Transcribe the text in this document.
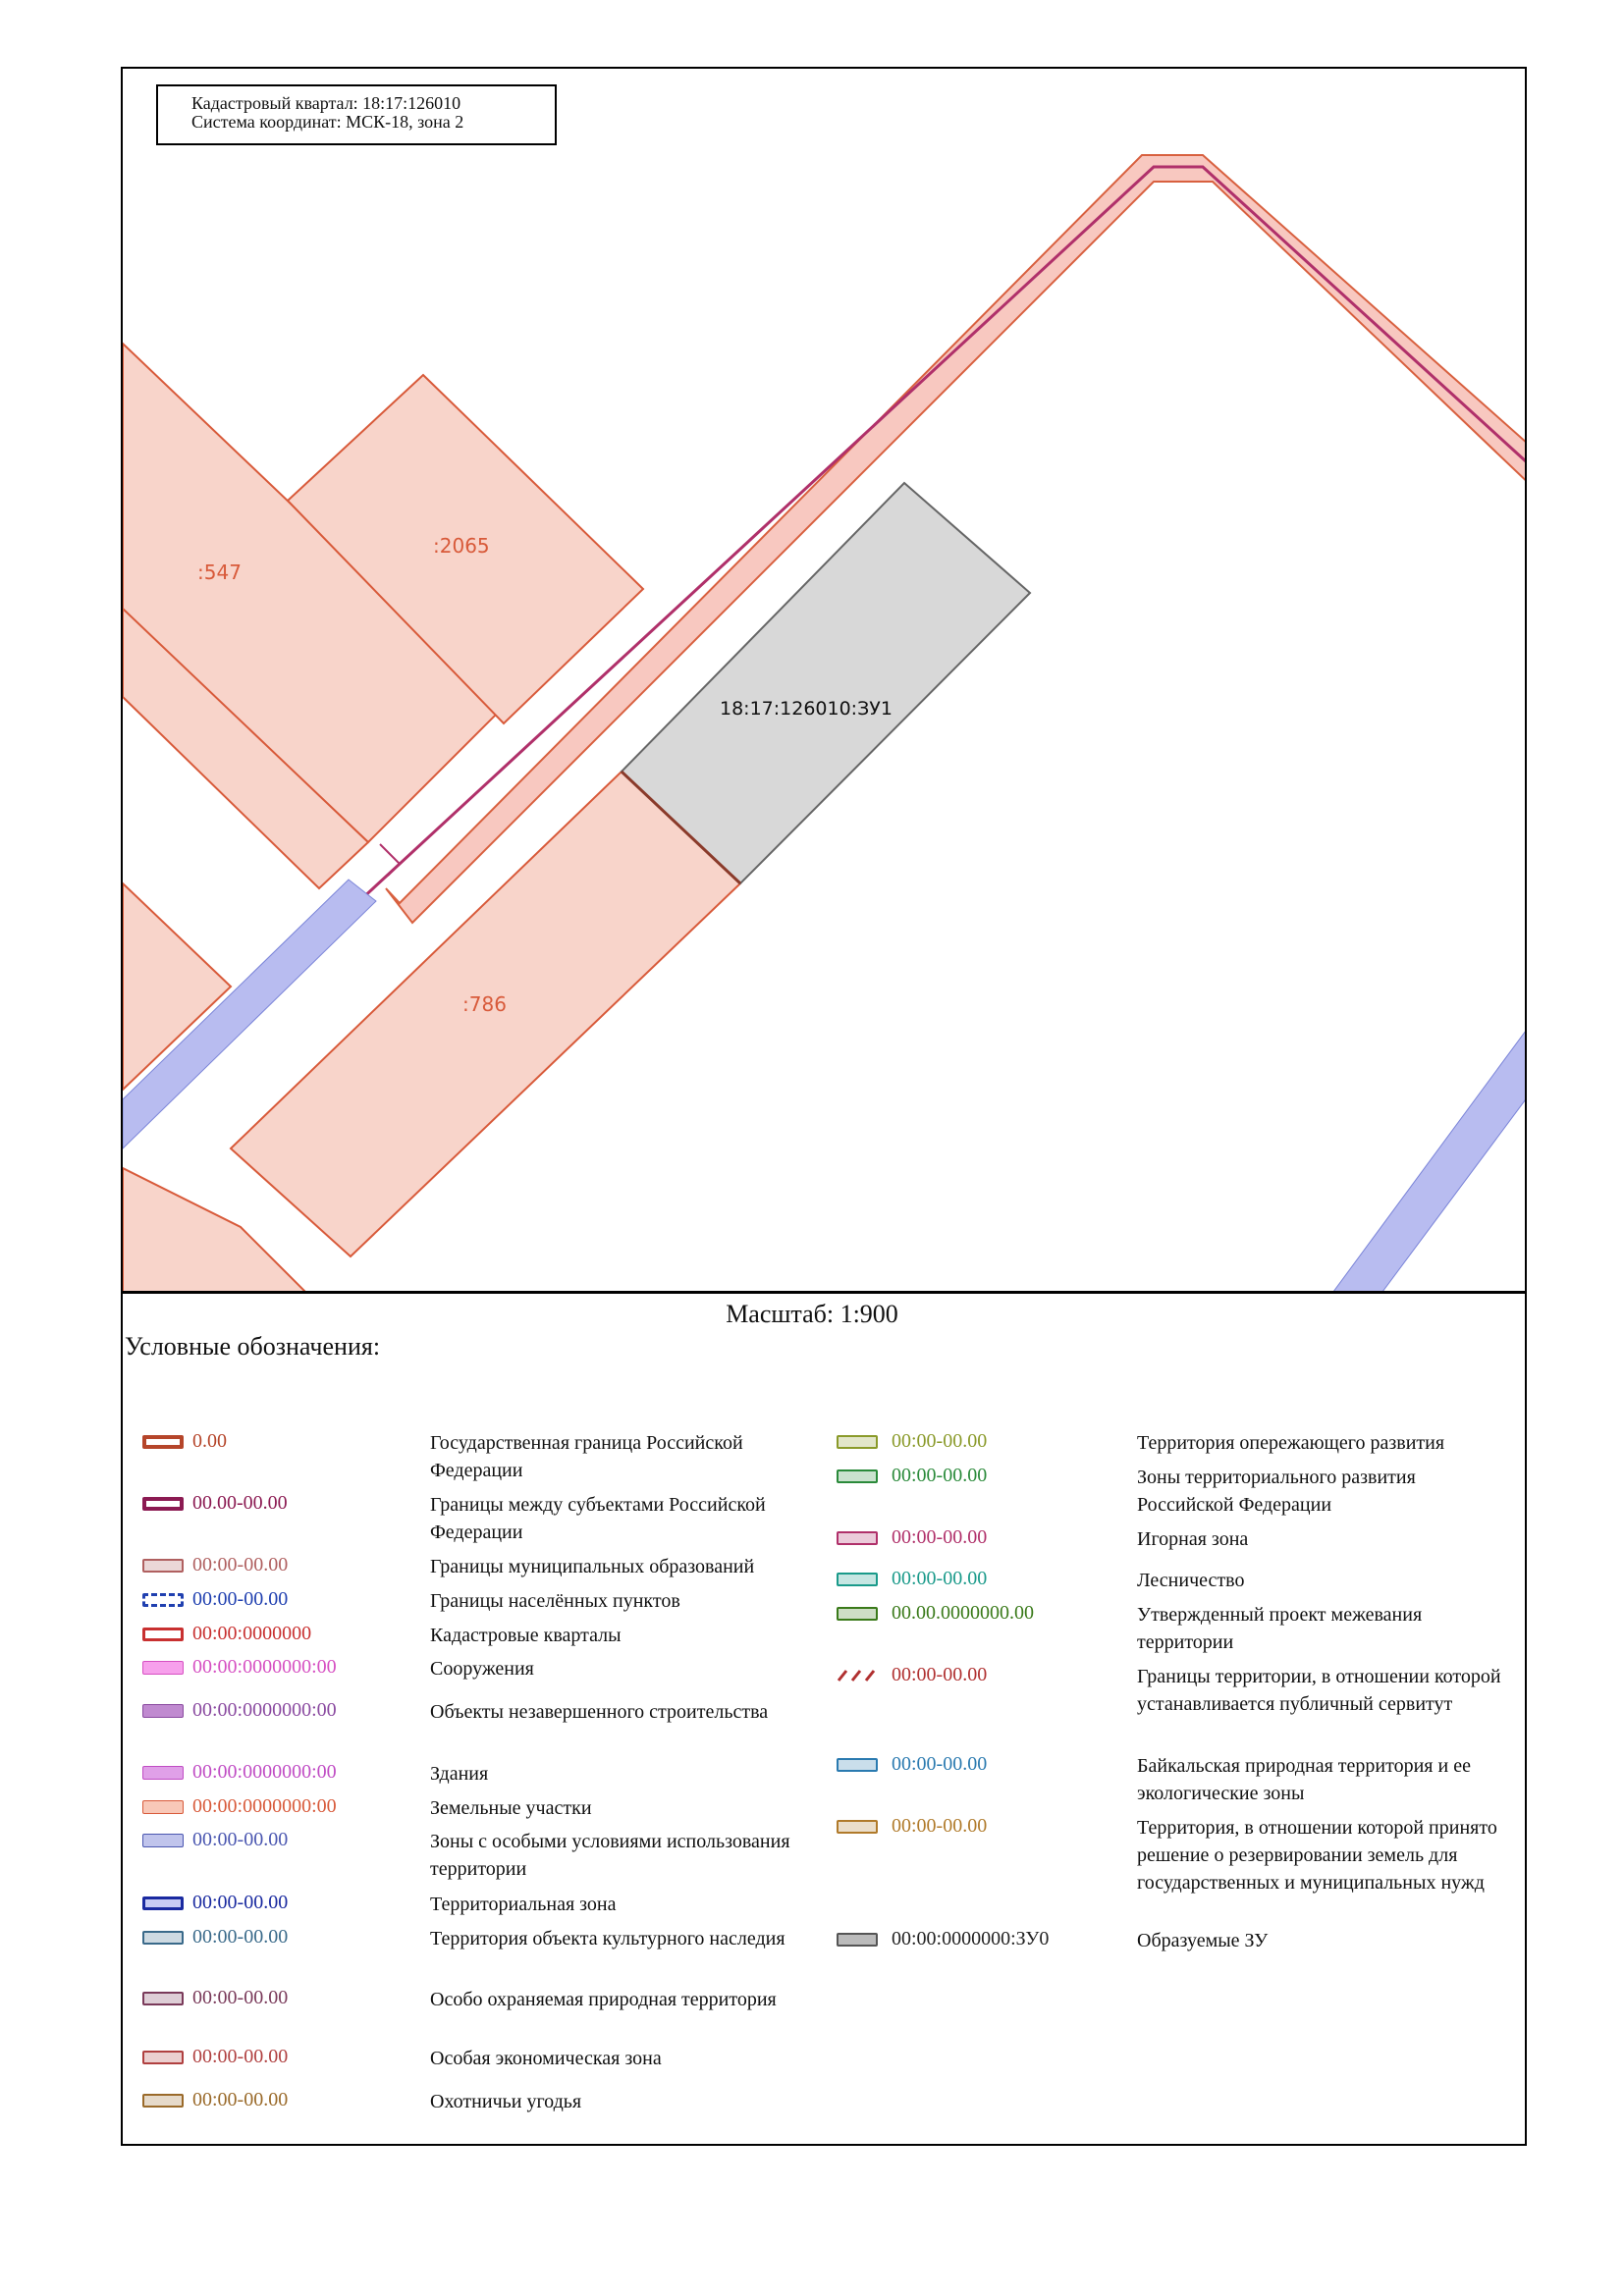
:547
:2065
:786
18:17:126010:ЗУ1
Кадастровый квартал: 18:17:126010
Система координат: МСК-18, зона 2
Масштаб: 1:900
Условные обозначения:
0.00	Государственная граница Российской Федерации
00.00-00.00	Границы между субъектами Российской Федерации
00:00-00.00	Границы муниципальных образований
00:00-00.00	Границы населённых пунктов
00:00:0000000	Кадастровые кварталы
00:00:0000000:00	Сооружения
00:00:0000000:00	Объекты незавершенного строительства
00:00:0000000:00	Здания
00:00:0000000:00	Земельные участки
00:00-00.00	Зоны с особыми условиями использования территории
00:00-00.00	Территориальная зона
00:00-00.00	Территория объекта культурного наследия
00:00-00.00	Особо охраняемая природная территория
00:00-00.00	Особая экономическая зона
00:00-00.00	Охотничьи угодья
00:00-00.00	Территория опережающего развития
00:00-00.00	Зоны территориального развития Российской Федерации
00:00-00.00	Игорная зона
00:00-00.00	Лесничество
00.00.0000000.00	Утвержденный проект межевания территории
00:00-00.00	Границы территории, в отношении которой устанавливается публичный сервитут
00:00-00.00	Байкальская природная территория и ее экологические зоны
00:00-00.00	Территория, в отношении которой принято решение о резервировании земель для государственных и муниципальных нужд
00:00:0000000:ЗУ0	Образуемые ЗУ
